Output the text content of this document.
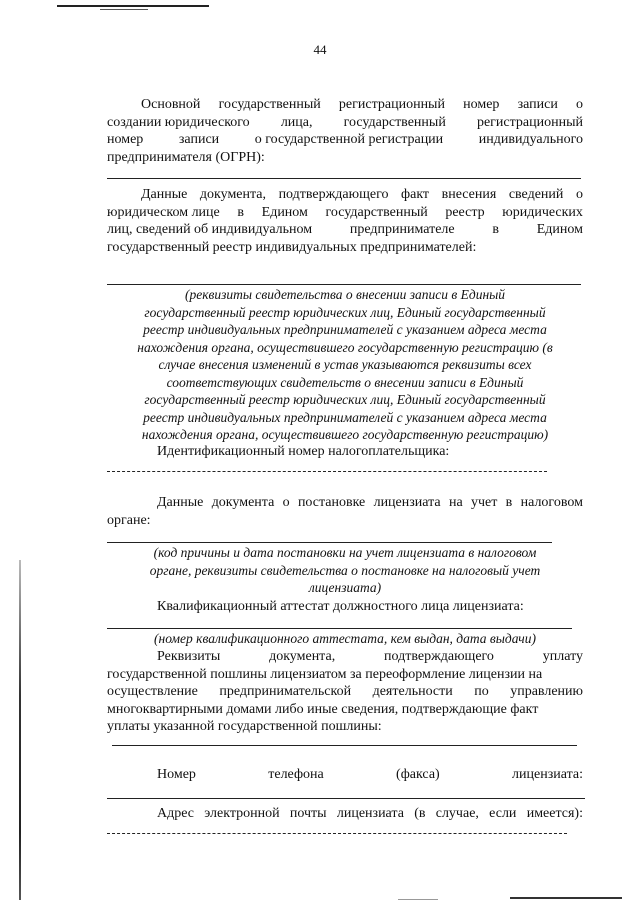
44
Основной государственный регистрационный номер записи о
создании юридического лица, государственный регистрационный
номер	записи	о государственной регистрации	индивидуального
предпринимателя (ОГРН):
Данные документа, подтверждающего факт внесения сведений о
юридическом лице в Едином государственный реестр юридических
лиц, сведений об индивидуальном	предпринимателе	в	Едином
государственный реестр индивидуальных предпринимателей:
(реквизиты свидетельства о внесении записи в Единый
государственный реестр юридических лиц, Единый государственный
реестр индивидуальных предпринимателей с указанием адреса места
нахождения органа, осуществившего государственную регистрацию (в
случае внесения изменений в устав указываются реквизиты всех
соответствующих свидетельств о внесении записи в Единый
государственный реестр юридических лиц, Единый государственный
реестр индивидуальных предпринимателей с указанием адреса места
нахождения органа, осуществившего государственную регистрацию)
Идентификационный номер налогоплательщика:
Данные документа о постановке лицензиата на учет в налоговом
органе:
(код причины и дата постановки на учет лицензиата в налоговом
органе, реквизиты свидетельства о постановке на налоговый учет
лицензиата)
Квалификационный аттестат должностного лица лицензиата:
(номер квалификационного аттестата, кем выдан, дата выдачи)
Реквизиты	документа,	подтверждающего	уплату
государственной пошлины лицензиатом за переоформление лицензии на
осуществление предпринимательской деятельности по управлению
многоквартирными домами либо иные сведения, подтверждающие факт
уплаты указанной государственной пошлины:
Номер	телефона	(факса)	лицензиата:
Адрес электронной почты лицензиата (в случае, если имеется):
